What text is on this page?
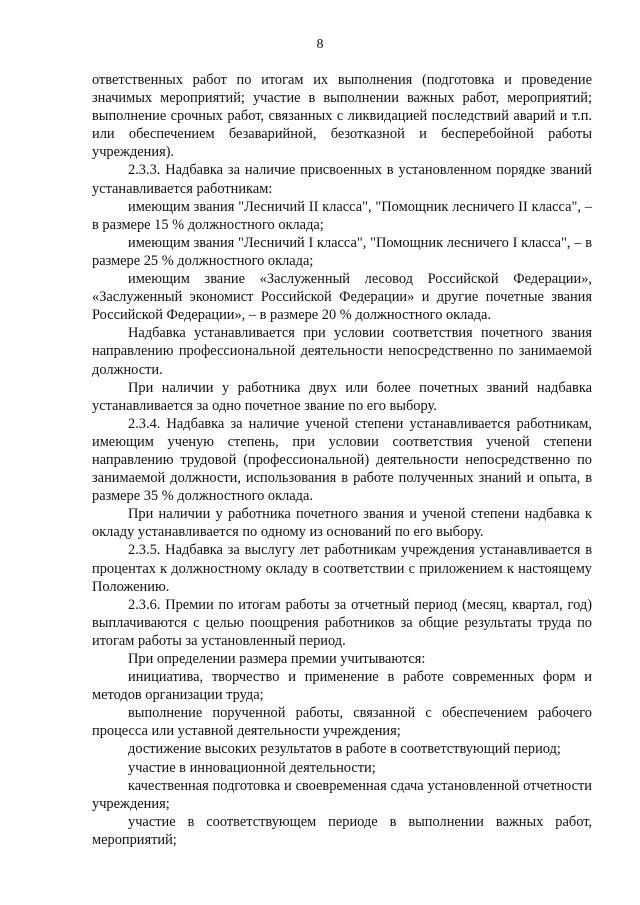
8

ответственных работ по итогам их выполнения (подготовка и проведение значимых мероприятий; участие в выполнении важных работ, мероприятий; выполнение срочных работ, связанных с ликвидацией последствий аварий и т.п. или обеспечением безаварийной, безотказной и бесперебойной работы учреждения).

2.3.3. Надбавка за наличие присвоенных в установленном порядке званий устанавливается работникам:

имеющим звания "Лесничий II класса", "Помощник лесничего II класса", – в размере 15 % должностного оклада;

имеющим звания "Лесничий I класса", "Помощник лесничего I класса", – в размере 25 % должностного оклада;

имеющим звание «Заслуженный лесовод Российской Федерации», «Заслуженный экономист Российской Федерации» и другие почетные звания Российской Федерации», – в размере 20 % должностного оклада.

Надбавка устанавливается при условии соответствия почетного звания направлению профессиональной деятельности непосредственно по занимаемой должности.

При наличии у работника двух или более почетных званий надбавка устанавливается за одно почетное звание по его выбору.

2.3.4. Надбавка за наличие ученой степени устанавливается работникам, имеющим ученую степень, при условии соответствия ученой степени направлению трудовой (профессиональной) деятельности непосредственно по занимаемой должности, использования в работе полученных знаний и опыта, в размере 35 % должностного оклада.

При наличии у работника почетного звания и ученой степени надбавка к окладу устанавливается по одному из оснований по его выбору.

2.3.5. Надбавка за выслугу лет работникам учреждения устанавливается в процентах к должностному окладу в соответствии с приложением к настоящему Положению.

2.3.6. Премии по итогам работы за отчетный период (месяц, квартал, год) выплачиваются с целью поощрения работников за общие результаты труда по итогам работы за установленный период.

При определении размера премии учитываются:

инициатива, творчество и применение в работе современных форм и методов организации труда;

выполнение порученной работы, связанной с обеспечением рабочего процесса или уставной деятельности учреждения;

достижение высоких результатов в работе в соответствующий период;

участие в инновационной деятельности;

качественная подготовка и своевременная сдача установленной отчетности учреждения;

участие в соответствующем периоде в выполнении важных работ, мероприятий;
